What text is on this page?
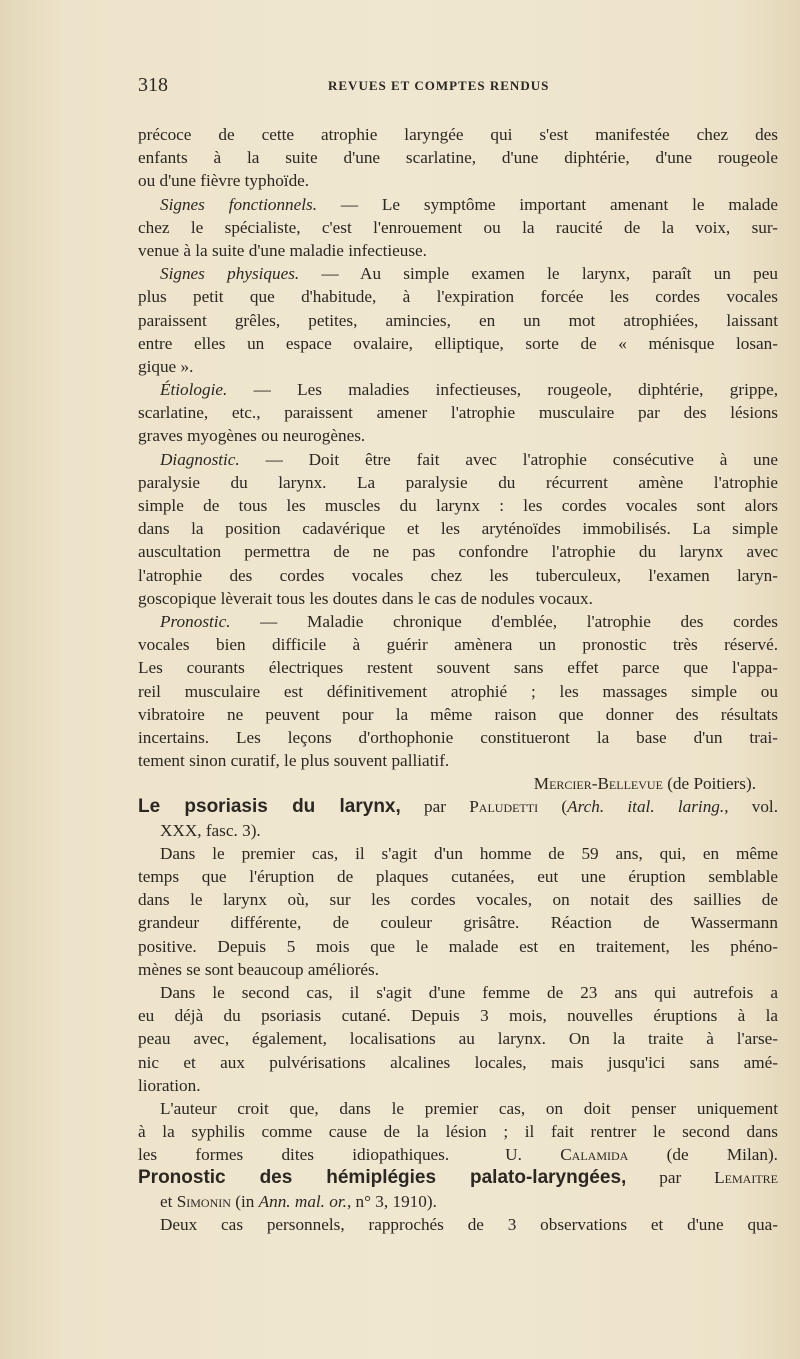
318	REVUES ET COMPTES RENDUS
précoce de cette atrophie laryngée qui s'est manifestée chez des
enfants à la suite d'une scarlatine, d'une diphtérie, d'une rougeole
ou d'une fièvre typhoïde.
Signes fonctionnels. — Le symptôme important amenant le malade
chez le spécialiste, c'est l'enrouement ou la raucité de la voix, sur-
venue à la suite d'une maladie infectieuse.
Signes physiques. — Au simple examen le larynx, paraît un peu
plus petit que d'habitude, à l'expiration forcée les cordes vocales
paraissent grêles, petites, amincies, en un mot atrophiées, laissant
entre elles un espace ovalaire, elliptique, sorte de « ménisque losan-
gique ».
Étiologie. — Les maladies infectieuses, rougeole, diphtérie, grippe,
scarlatine, etc., paraissent amener l'atrophie musculaire par des lésions
graves myogènes ou neurogènes.
Diagnostic. — Doit être fait avec l'atrophie consécutive à une
paralysie du larynx. La paralysie du récurrent amène l'atrophie
simple de tous les muscles du larynx : les cordes vocales sont alors
dans la position cadavérique et les aryténoïdes immobilisés. La simple
auscultation permettra de ne pas confondre l'atrophie du larynx avec
l'atrophie des cordes vocales chez les tuberculeux, l'examen laryn-
goscopique lèverait tous les doutes dans le cas de nodules vocaux.
Pronostic. — Maladie chronique d'emblée, l'atrophie des cordes
vocales bien difficile à guérir amènera un pronostic très réservé.
Les courants électriques restent souvent sans effet parce que l'appa-
reil musculaire est définitivement atrophié ; les massages simple ou
vibratoire ne peuvent pour la même raison que donner des résultats
incertains. Les leçons d'orthophonie constitueront la base d'un trai-
tement sinon curatif, le plus souvent palliatif.
Mercier-Bellevue (de Poitiers).
Le psoriasis du larynx, par Paludetti (Arch. ital. laring., vol.
XXX, fasc. 3).
Dans le premier cas, il s'agit d'un homme de 59 ans, qui, en même
temps que l'éruption de plaques cutanées, eut une éruption semblable
dans le larynx où, sur les cordes vocales, on notait des saillies de
grandeur différente, de couleur grisâtre. Réaction de Wassermann
positive. Depuis 5 mois que le malade est en traitement, les phéno-
mènes se sont beaucoup améliorés.
Dans le second cas, il s'agit d'une femme de 23 ans qui autrefois a
eu déjà du psoriasis cutané. Depuis 3 mois, nouvelles éruptions à la
peau avec, également, localisations au larynx. On la traite à l'arse-
nic et aux pulvérisations alcalines locales, mais jusqu'ici sans amé-
lioration.
L'auteur croit que, dans le premier cas, on doit penser uniquement
à la syphilis comme cause de la lésion ; il fait rentrer le second dans
les formes dites idiopathiques.	U. Calamida (de Milan).
Pronostic des hémiplégies palato-laryngées, par Lemaitre
et Simonin (in Ann. mal. or., n° 3, 1910).
Deux cas personnels, rapprochés de 3 observations et d'une qua-
